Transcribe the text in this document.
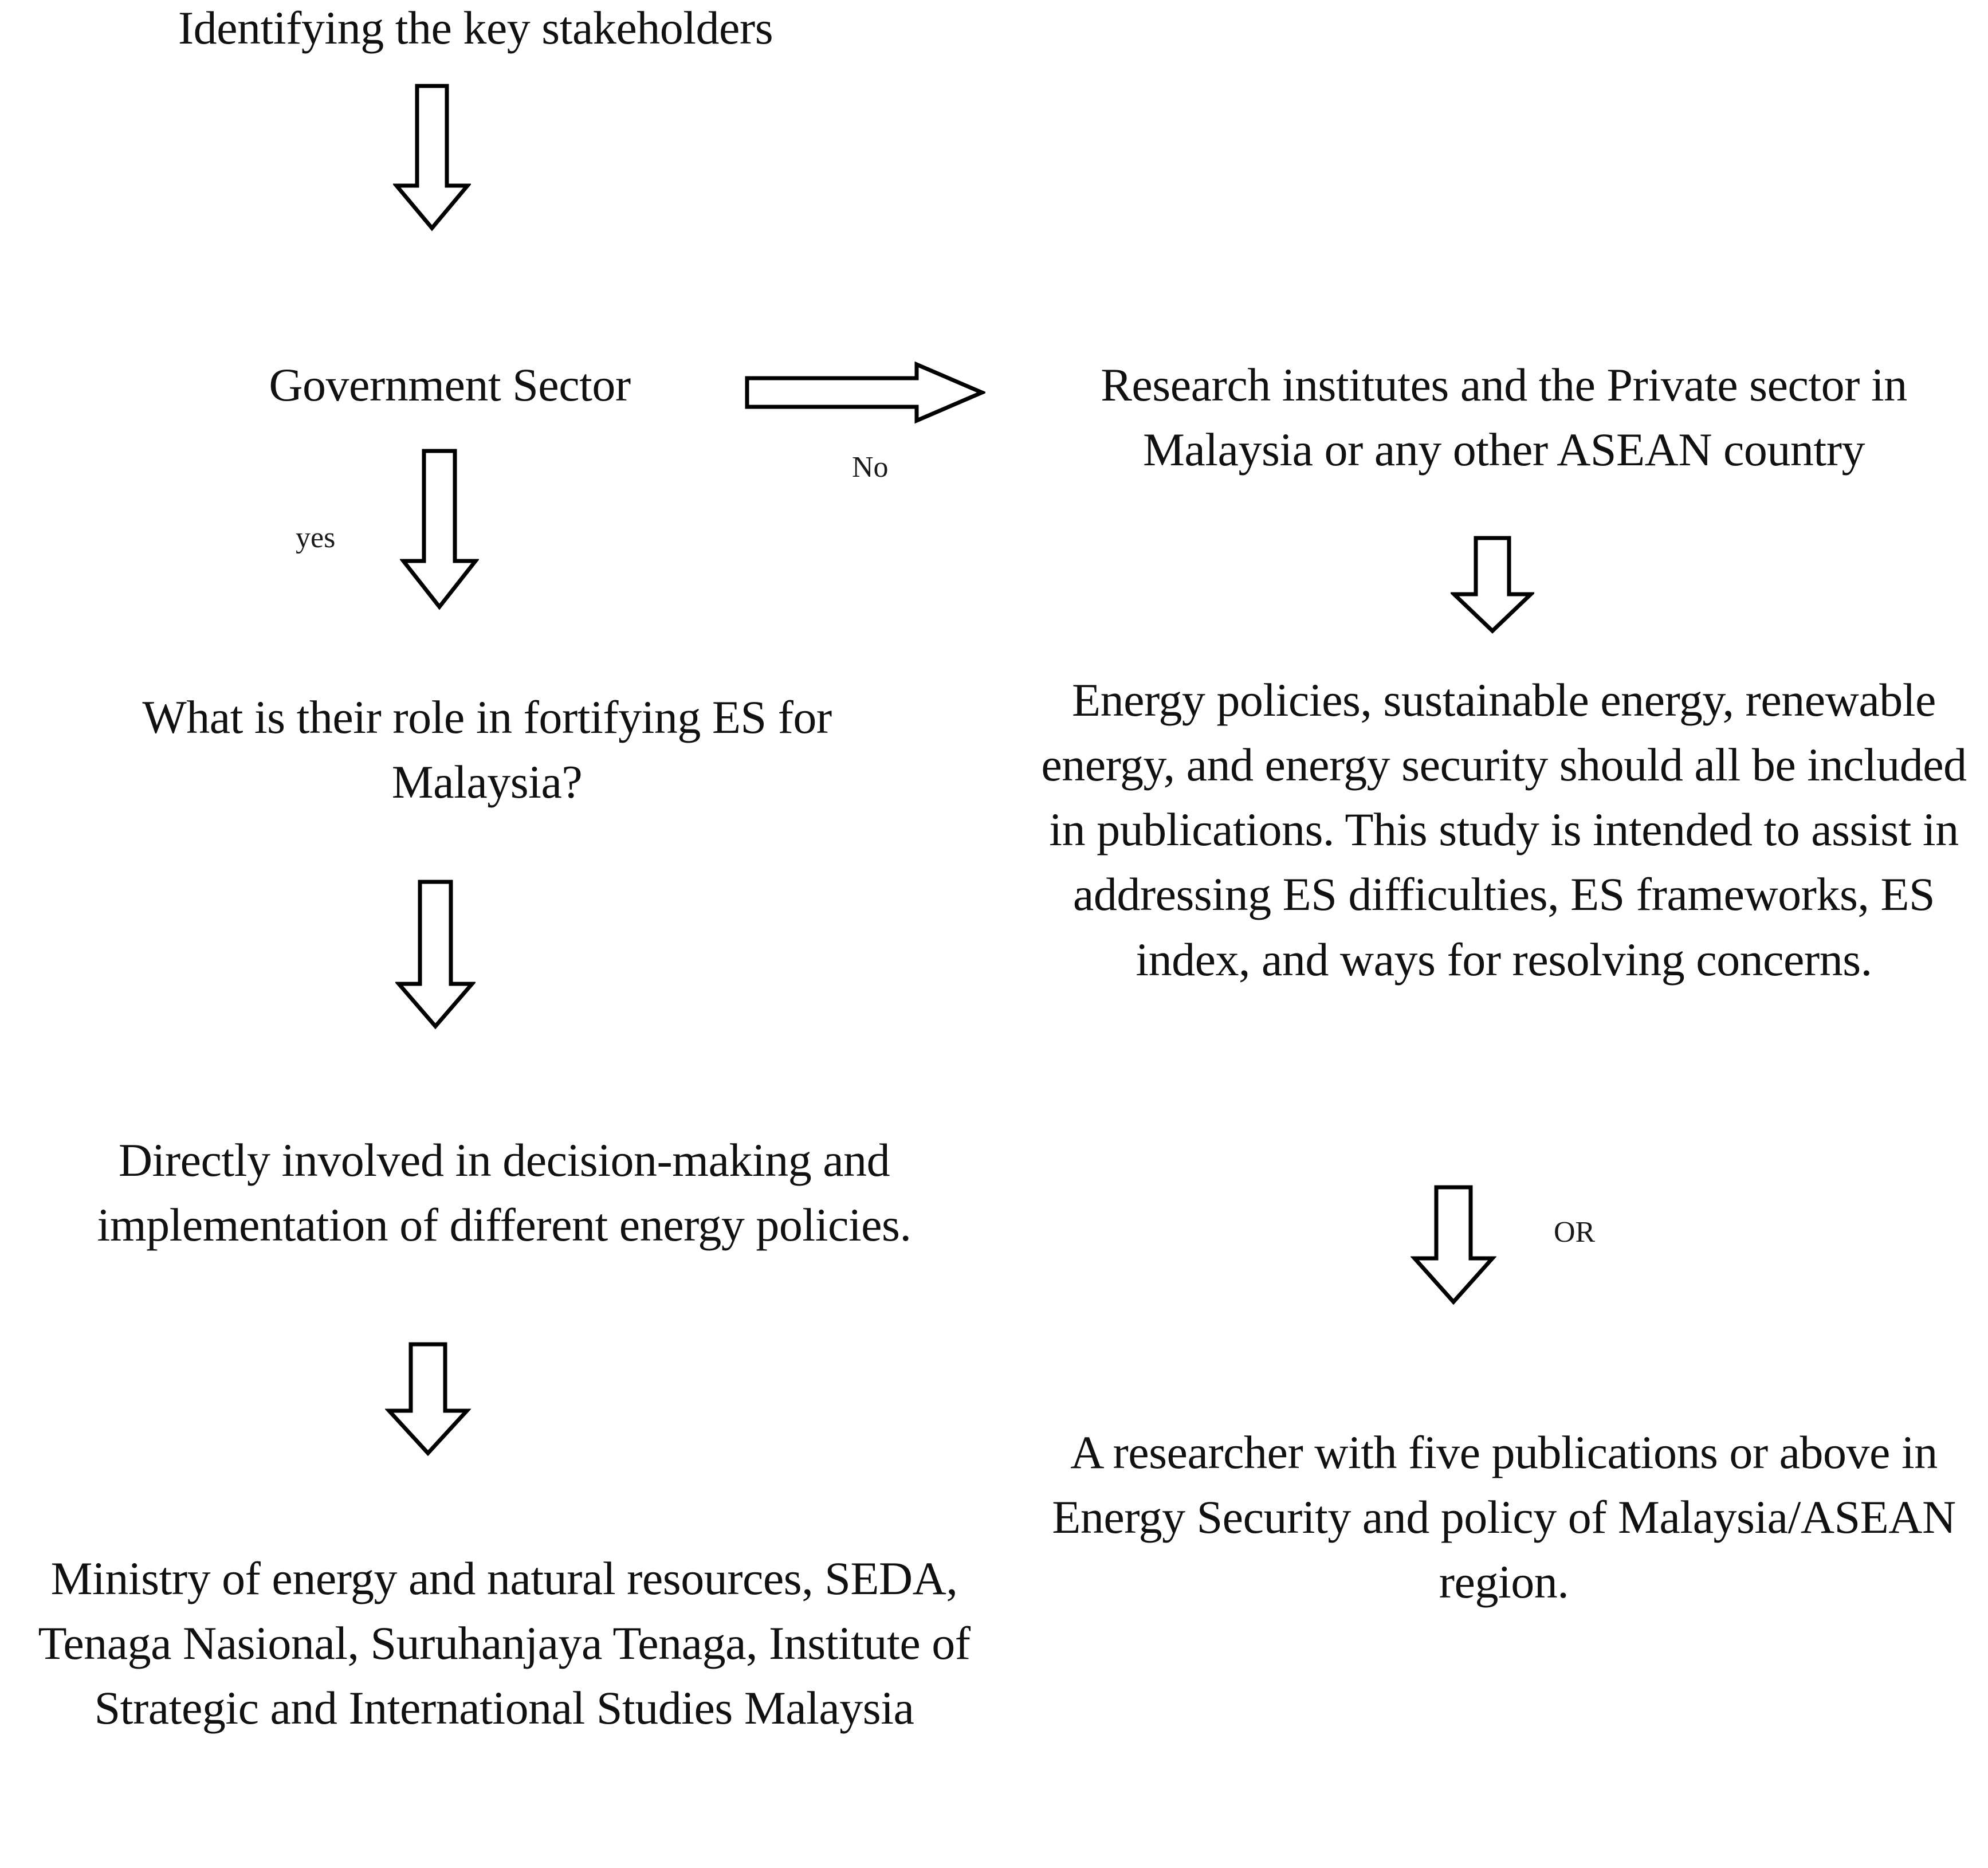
Identifying the key stakeholders
Government Sector
No
yes
Research institutes and the Private sector in Malaysia or any other ASEAN country
What is their role in fortifying ES for Malaysia?
Energy policies, sustainable energy, renewable energy, and energy security should all be included in publications. This study is intended to assist in addressing ES difficulties, ES frameworks, ES index, and ways for resolving concerns.
Directly involved in decision-making and implementation of different energy policies.	OR
A researcher with five publications or above in Energy Security and policy of Malaysia/ASEAN region.
Ministry of energy and natural resources, SEDA, Tenaga Nasional, Suruhanjaya Tenaga, Institute of Strategic and International Studies Malaysia
